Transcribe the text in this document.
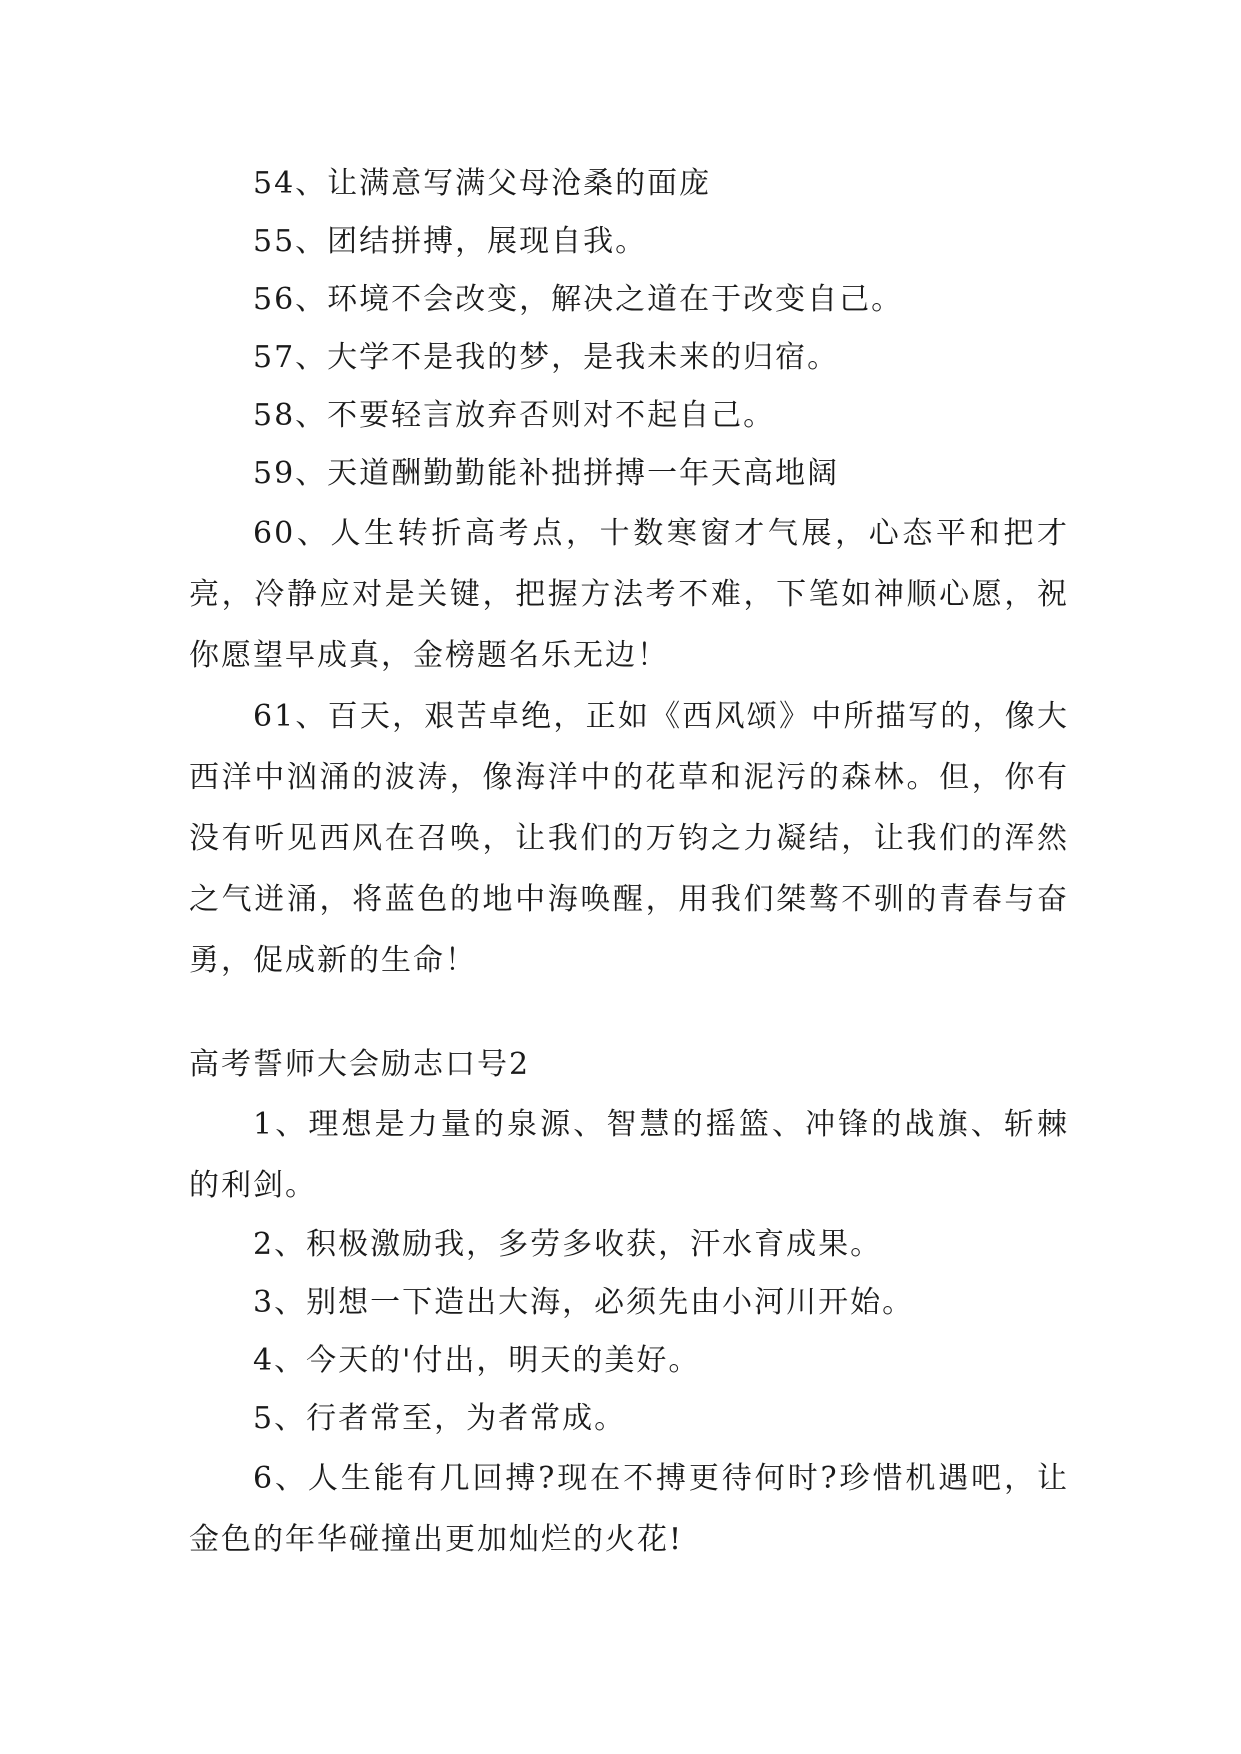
54、让满意写满父母沧桑的面庞

55、团结拼搏，展现自我。

56、环境不会改变，解决之道在于改变自己。

57、大学不是我的梦，是我未来的归宿。

58、不要轻言放弃否则对不起自己。

59、天道酬勤勤能补拙拼搏一年天高地阔

60、人生转折高考点，十数寒窗才气展，心态平和把才亮，冷静应对是关键，把握方法考不难，下笔如神顺心愿，祝你愿望早成真，金榜题名乐无边！

61、百天，艰苦卓绝，正如《西风颂》中所描写的，像大西洋中汹涌的波涛，像海洋中的花草和泥污的森林。但，你有没有听见西风在召唤，让我们的万钧之力凝结，让我们的浑然之气迸涌，将蓝色的地中海唤醒，用我们桀骜不驯的青春与奋勇，促成新的生命！

高考誓师大会励志口号2

1、理想是力量的泉源、智慧的摇篮、冲锋的战旗、斩棘的利剑。

2、积极激励我，多劳多收获，汗水育成果。

3、别想一下造出大海，必须先由小河川开始。

4、今天的'付出，明天的美好。

5、行者常至，为者常成。

6、人生能有几回搏?现在不搏更待何时?珍惜机遇吧，让金色的年华碰撞出更加灿烂的火花!
